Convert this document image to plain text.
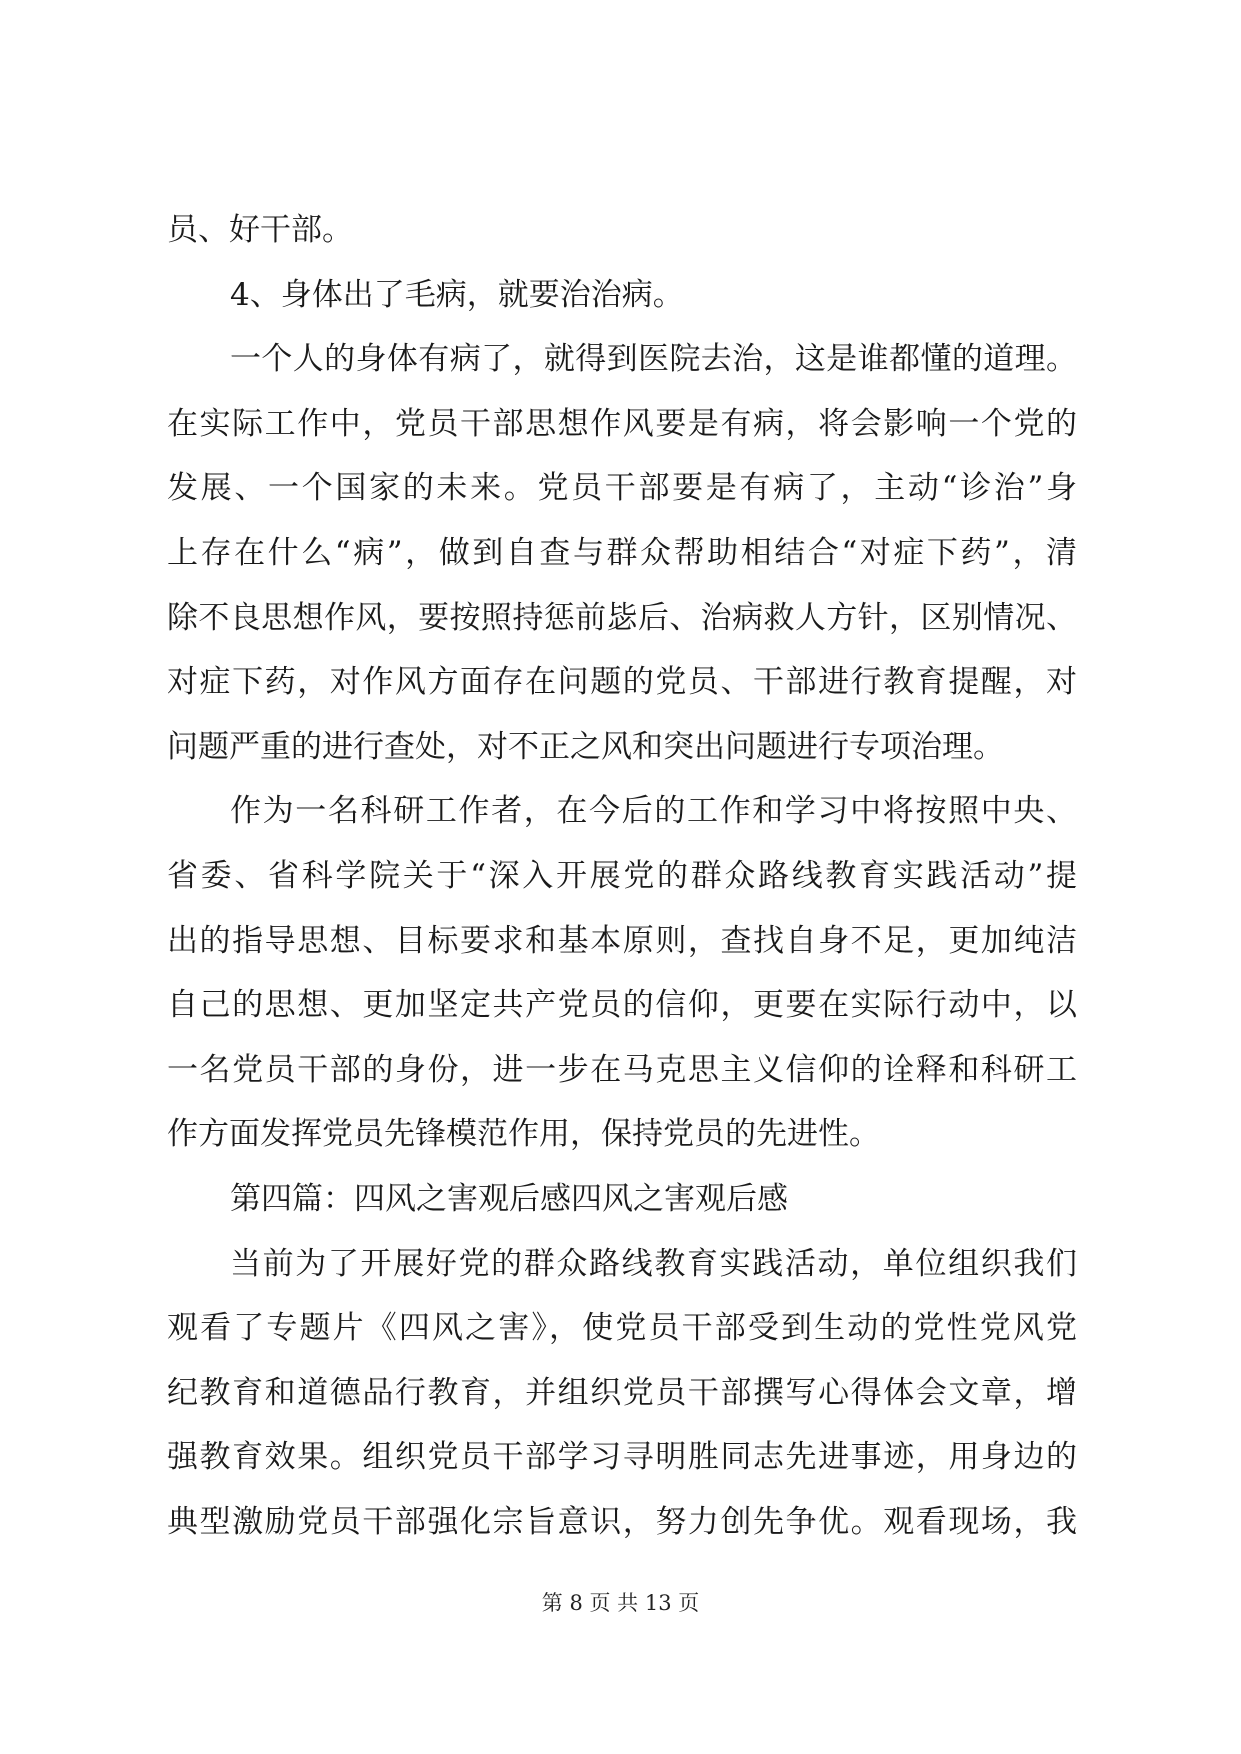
员、好干部。
4、身体出了毛病，就要治治病。
一个人的身体有病了，就得到医院去治，这是谁都懂的道理。
在实际工作中，党员干部思想作风要是有病，将会影响一个党的
发展、一个国家的未来。党员干部要是有病了，主动“诊治”身
上存在什么“病”，做到自查与群众帮助相结合“对症下药”，清
除不良思想作风，要按照持惩前毖后、治病救人方针，区别情况、
对症下药，对作风方面存在问题的党员、干部进行教育提醒，对
问题严重的进行查处，对不正之风和突出问题进行专项治理。
作为一名科研工作者，在今后的工作和学习中将按照中央、
省委、省科学院关于“深入开展党的群众路线教育实践活动”提
出的指导思想、目标要求和基本原则，查找自身不足，更加纯洁
自己的思想、更加坚定共产党员的信仰，更要在实际行动中，以
一名党员干部的身份，进一步在马克思主义信仰的诠释和科研工
作方面发挥党员先锋模范作用，保持党员的先进性。
第四篇：四风之害观后感四风之害观后感
当前为了开展好党的群众路线教育实践活动，单位组织我们
观看了专题片《四风之害》，使党员干部受到生动的党性党风党
纪教育和道德品行教育，并组织党员干部撰写心得体会文章，增
强教育效果。组织党员干部学习寻明胜同志先进事迹，用身边的
典型激励党员干部强化宗旨意识，努力创先争优。观看现场，我
第 8 页 共 13 页
